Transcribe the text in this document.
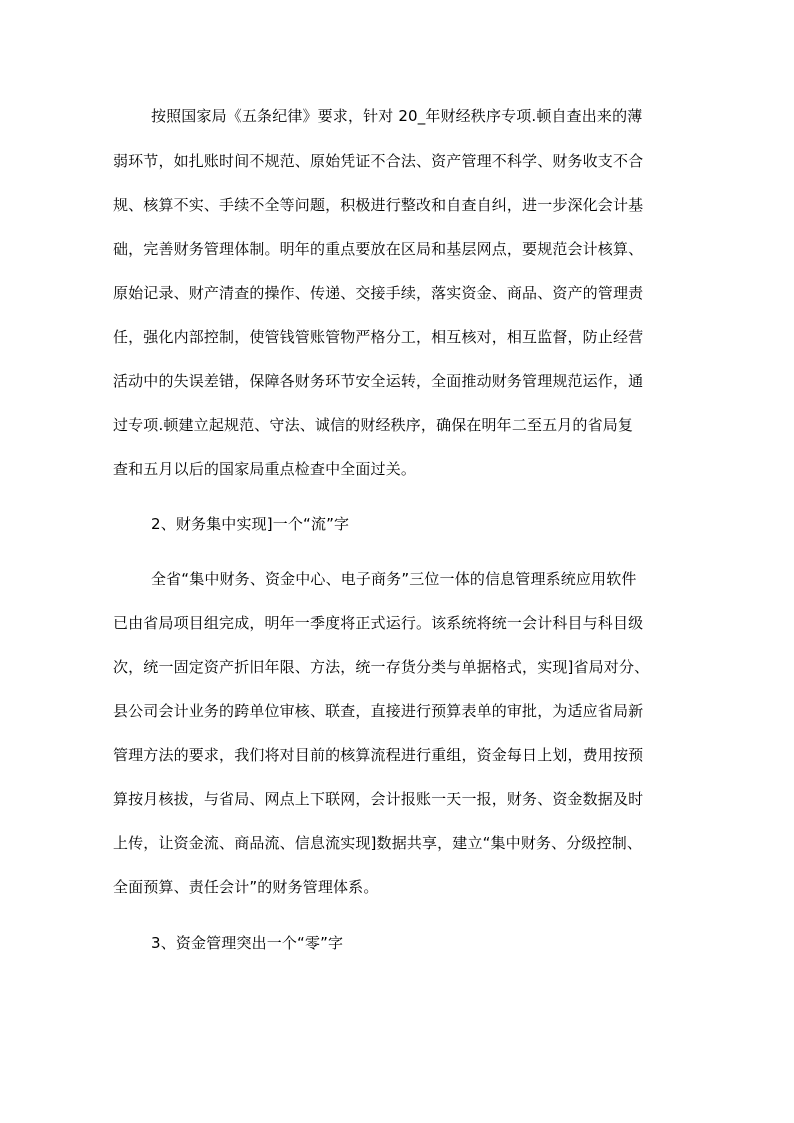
按照国家局《五条纪律》要求，针对 20_年财经秩序专项.顿自查出来的薄

弱环节，如扎账时间不规范、原始凭证不合法、资产管理不科学、财务收支不合

规、核算不实、手续不全等问题，积极进行整改和自查自纠，进一步深化会计基

础，完善财务管理体制。明年的重点要放在区局和基层网点，要规范会计核算、

原始记录、财产清查的操作、传递、交接手续，落实资金、商品、资产的管理责

任，强化内部控制，使管钱管账管物严格分工，相互核对，相互监督，防止经营

活动中的失误差错，保障各财务环节安全运转，全面推动财务管理规范运作，通

过专项.顿建立起规范、守法、诚信的财经秩序，确保在明年二至五月的省局复

查和五月以后的国家局重点检查中全面过关。

2、财务集中实现]一个“流”字

全省“集中财务、资金中心、电子商务”三位一体的信息管理系统应用软件

已由省局项目组完成，明年一季度将正式运行。该系统将统一会计科目与科目级

次，统一固定资产折旧年限、方法，统一存货分类与单据格式，实现]省局对分、

县公司会计业务的跨单位审核、联查，直接进行预算表单的审批，为适应省局新

管理方法的要求，我们将对目前的核算流程进行重组，资金每日上划，费用按预

算按月核拔，与省局、网点上下联网，会计报账一天一报，财务、资金数据及时

上传，让资金流、商品流、信息流实现]数据共享，建立“集中财务、分级控制、

全面预算、责任会计”的财务管理体系。

3、资金管理突出一个“零”字
